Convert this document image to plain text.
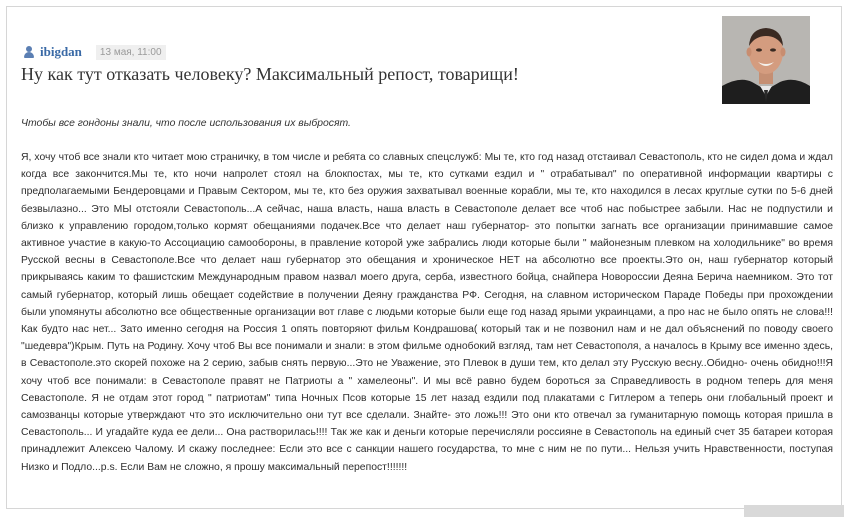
ibigdan	13 мая, 11:00
Ну как тут отказать человеку? Максимальный репост, товарищи!

Чтобы все гондоны знали, что после использования их выбросят.

Я, хочу чтоб все знали кто читает мою страничку, в том числе и ребята со славных спецслужб: Мы те, кто год назад отстаивал Севастополь, кто не сидел дома и ждал когда все закончится.Мы те, кто ночи напролет стоял на блокпостах, мы те, кто сутками ездил и " отрабатывал" по оперативной информации квартиры с предполагаемыми Бендеровцами и Правым Сектором, мы те, кто без оружия захватывал военные корабли, мы те, кто находился в лесах круглые сутки по 5-6 дней безвылазно... Это МЫ отстояли Севастополь...А сейчас, наша власть, наша власть в Севастополе делает все чтоб нас побыстрее забыли. Нас не подпустили и близко к управлению городом,только кормят обещаниями подачек.Все что делает наш губернатор- это попытки загнать все организации принимавшие самое активное участие в какую-то Ассоциацию самообороны, в правление которой уже забрались люди которые были " майонезным плевком на холодильнике" во время Русской весны в Севастополе.Все что делает наш губернатор это обещания и хроническое НЕТ на абсолютно все проекты.Это он, наш губернатор который прикрываясь каким то фашистским Международным правом назвал моего друга, серба, известного бойца, снайпера Новороссии Деяна Берича наемником. Это тот самый губернатор, который лишь обещает содействие в получении Деяну гражданства РФ. Сегодня, на славном историческом Параде Победы при прохождении были упомянуты абсолютно все общественные организации вот главе с людьми которые были еще год назад ярыми украинцами, а про нас не было опять не слова!!! Как будто нас нет... Зато именно сегодня на Россия 1 опять повторяют фильм Кондрашова( который так и не позвонил нам и не дал объяснений по поводу своего "шедевра")Крым. Путь на Родину. Хочу чтоб Вы все понимали и знали: в этом фильме однобокий взгляд, там нет Севастополя, а началось в Крыму все именно здесь, в Севастополе.это скорей похоже на 2 серию, забыв снять первую...Это не Уважение, это Плевок в души тем, кто делал эту Русскую весну..Обидно- очень обидно!!!Я хочу чтоб все понимали: в Севастополе правят не Патриоты а " хамелеоны". И мы всё равно будем бороться за Справедливость в родном теперь для меня Севастополе. Я не отдам этот город " патриотам" типа Ночных Псов которые 15 лет назад ездили под плакатами с Гитлером а теперь они глобальный проект и самозванцы которые утверждают что это исключительно они тут все сделали. Знайте- это ложь!!! Это они кто отвечал за гуманитарную помощь которая пришла в Севастополь... И угадайте куда ее дели... Она растворилась!!!! Так же как и деньги которые перечисляли россияне в Севастополь на единый счет 35 батареи которая принадлежит Алексею Чалому. И скажу последнее: Если это все с санкции нашего государства, то мне с ним не по пути... Нельзя учить Нравственности, поступая Низко и Подло...p.s. Если Вам не сложно, я прошу максимальный перепост!!!!!!!
